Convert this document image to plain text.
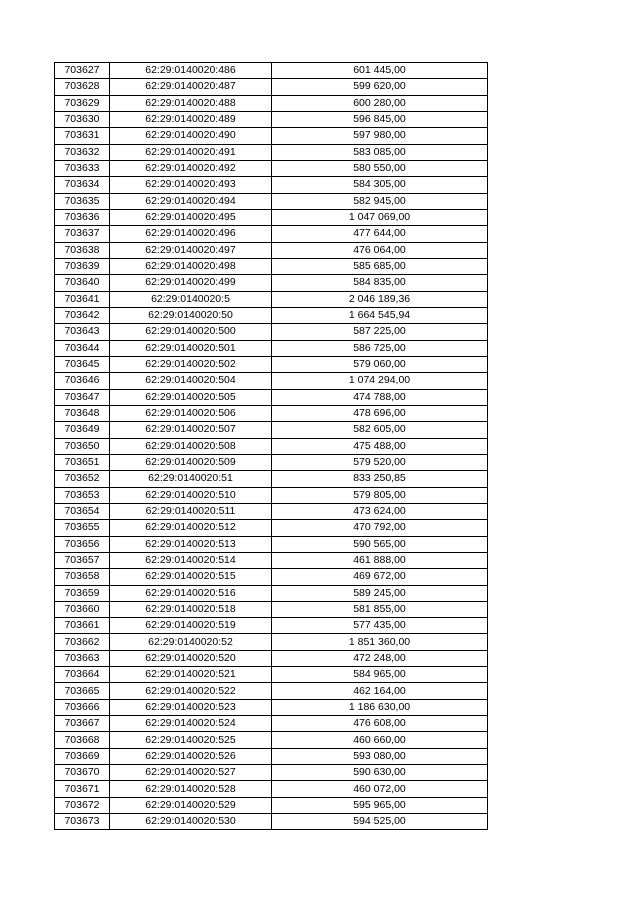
703627	62:29:0140020:486	601 445,00
703628	62:29:0140020:487	599 620,00
703629	62:29:0140020:488	600 280,00
703630	62:29:0140020:489	596 845,00
703631	62:29:0140020:490	597 980,00
703632	62:29:0140020:491	583 085,00
703633	62:29:0140020:492	580 550,00
703634	62:29:0140020:493	584 305,00
703635	62:29:0140020:494	582 945,00
703636	62:29:0140020:495	1 047 069,00
703637	62:29:0140020:496	477 644,00
703638	62:29:0140020:497	476 064,00
703639	62:29:0140020:498	585 685,00
703640	62:29:0140020:499	584 835,00
703641	62:29:0140020:5	2 046 189,36
703642	62:29:0140020:50	1 664 545,94
703643	62:29:0140020:500	587 225,00
703644	62:29:0140020:501	586 725,00
703645	62:29:0140020:502	579 060,00
703646	62:29:0140020:504	1 074 294,00
703647	62:29:0140020:505	474 788,00
703648	62:29:0140020:506	478 696,00
703649	62:29:0140020:507	582 605,00
703650	62:29:0140020:508	475 488,00
703651	62:29:0140020:509	579 520,00
703652	62:29:0140020:51	833 250,85
703653	62:29:0140020:510	579 805,00
703654	62:29:0140020:511	473 624,00
703655	62:29:0140020:512	470 792,00
703656	62:29:0140020:513	590 565,00
703657	62:29:0140020:514	461 888,00
703658	62:29:0140020:515	469 672,00
703659	62:29:0140020:516	589 245,00
703660	62:29:0140020:518	581 855,00
703661	62:29:0140020:519	577 435,00
703662	62:29:0140020:52	1 851 360,00
703663	62:29:0140020:520	472 248,00
703664	62:29:0140020:521	584 965,00
703665	62:29:0140020:522	462 164,00
703666	62:29:0140020:523	1 186 630,00
703667	62:29:0140020:524	476 608,00
703668	62:29:0140020:525	460 660,00
703669	62:29:0140020:526	593 080,00
703670	62:29:0140020:527	590 630,00
703671	62:29:0140020:528	460 072,00
703672	62:29:0140020:529	595 965,00
703673	62:29:0140020:530	594 525,00
